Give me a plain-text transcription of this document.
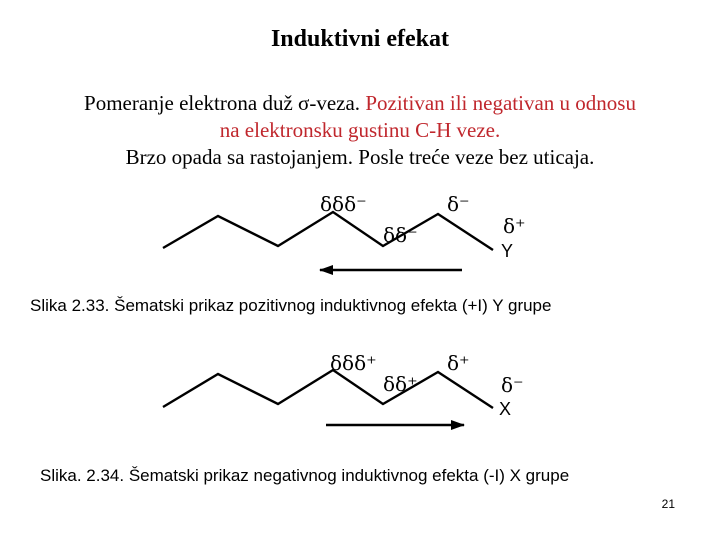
Induktivni efekat
Pomeranje elektrona duž σ-veza. Pozitivan ili negativan u odnosu
na elektronsku gustinu C-H veze.
Brzo opada sa rastojanjem. Posle treće veze bez uticaja.
δδδ⁻
δδ⁻
δ⁻
δ⁺
Y
δδδ⁺
δδ⁺
δ⁺
δ⁻
X
Slika 2.33. Šematski prikaz pozitivnog induktivnog efekta (+I) Y grupe
Slika. 2.34. Šematski prikaz negativnog induktivnog efekta (-I) X grupe
21
